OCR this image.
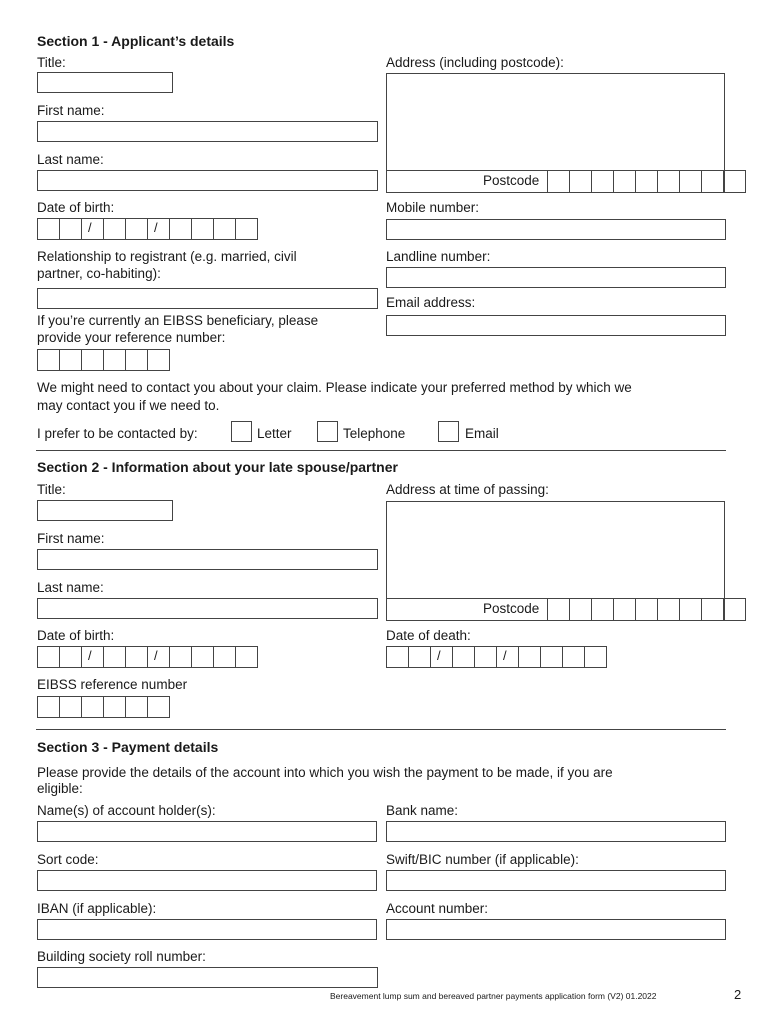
Section 1 - Applicant’s details
Title:
First name:
Last name:
Date of birth:
/	/
Relationship to registrant (e.g. married, civil
partner, co-habiting):
If you’re currently an EIBSS beneficiary, please
provide your reference number:
Address (including postcode):
Postcode
Mobile number:
Landline number:
Email address:
We might need to contact you about your claim. Please indicate your preferred method by which we
may contact you if we need to.
I prefer to be contacted by:	Letter	Telephone	Email
Section 2 - Information about your late spouse/partner
Title:
First name:
Last name:
Date of birth:
/	/
EIBSS reference number
Address at time of passing:
Postcode
Date of death:
/	/
Section 3 - Payment details
Please provide the details of the account into which you wish the payment to be made, if you are
eligible:
Name(s) of account holder(s):	Bank name:
Sort code:	Swift/BIC number (if applicable):
IBAN (if applicable):	Account number:
Building society roll number:
Bereavement lump sum and bereaved partner payments application form (V2) 01.2022	2
